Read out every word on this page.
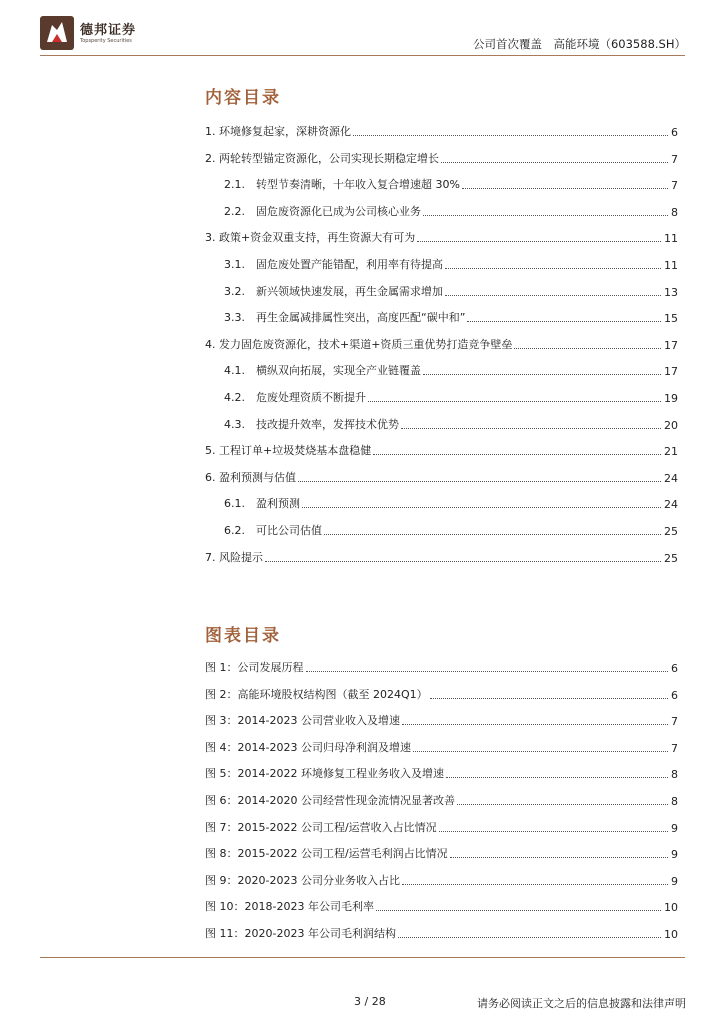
德邦证券
Topsperity Securities	公司首次覆盖　高能环境（603588.SH）
内容目录
1. 环境修复起家，深耕资源化	6
2. 两轮转型锚定资源化，公司实现长期稳定增长	7
2.1.　转型节奏清晰，十年收入复合增速超 30%	7
2.2.　固危废资源化已成为公司核心业务	8
3. 政策+资金双重支持，再生资源大有可为	11
3.1.　固危废处置产能错配，利用率有待提高	11
3.2.　新兴领域快速发展，再生金属需求增加	13
3.3.　再生金属减排属性突出，高度匹配“碳中和”	15
4. 发力固危废资源化，技术+渠道+资质三重优势打造竞争壁垒	17
4.1.　横纵双向拓展，实现全产业链覆盖	17
4.2.　危废处理资质不断提升	19
4.3.　技改提升效率，发挥技术优势	20
5. 工程订单+垃圾焚烧基本盘稳健	21
6. 盈利预测与估值	24
6.1.　盈利预测	24
6.2.　可比公司估值	25
7. 风险提示	25
图表目录
图 1：公司发展历程	6
图 2：高能环境股权结构图（截至 2024Q1）	6
图 3：2014-2023 公司营业收入及增速	7
图 4：2014-2023 公司归母净利润及增速	7
图 5：2014-2022 环境修复工程业务收入及增速	8
图 6：2014-2020 公司经营性现金流情况显著改善	8
图 7：2015-2022 公司工程/运营收入占比情况	9
图 8：2015-2022 公司工程/运营毛利润占比情况	9
图 9：2020-2023 公司分业务收入占比	9
图 10：2018-2023 年公司毛利率	10
图 11：2020-2023 年公司毛利润结构	10
3 / 28	请务必阅读正文之后的信息披露和法律声明
